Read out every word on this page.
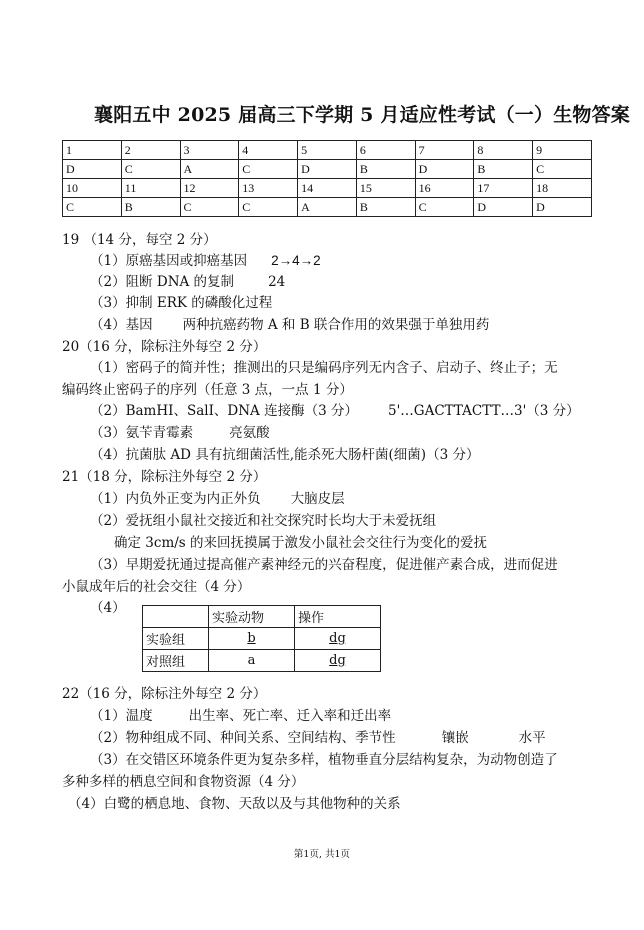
襄阳五中 2025 届高三下学期 5 月适应性考试（一）生物答案
1	2	3	4	5	6	7	8	9
D	C	A	C	D	B	D	B	C
10	11	12	13	14	15	16	17	18
C	B	C	C	A	B	C	D	D
19 （14 分，每空 2 分）
（1）原癌基因或抑癌基因 2→4→2
（2）阻断 DNA 的复制	24
（3）抑制 ERK 的磷酸化过程
（4）基因 两种抗癌药物 A 和 B 联合作用的效果强于单独用药
20（16 分，除标注外每空 2 分）
（1）密码子的简并性；推测出的只是编码序列无内含子、启动子、终止子；无
编码终止密码子的序列（任意 3 点，一点 1 分）
（2）BamHI、SalI、DNA 连接酶（3 分） 5'…GACTTACTT…3'（3 分）
（3）氨苄青霉素	亮氨酸
（4）抗菌肽 AD 具有抗细菌活性,能杀死大肠杆菌(细菌)（3 分）
21（18 分，除标注外每空 2 分）
（1）内负外正变为内正外负 大脑皮层
（2）爱抚组小鼠社交接近和社交探究时长均大于未爱抚组
确定 3cm/s 的来回抚摸属于激发小鼠社会交往行为变化的爱抚
（3）早期爱抚通过提高催产素神经元的兴奋程度，促进催产素合成，进而促进
小鼠成年后的社会交往（4 分）
（4）
	实验动物	操作
实验组	b	dg
对照组	a	dg
22（16 分，除标注外每空 2 分）
（1）温度	出生率、死亡率、迁入率和迁出率
（2）物种组成不同、种间关系、空间结构、季节性	镶嵌	水平
（3）在交错区环境条件更为复杂多样，植物垂直分层结构复杂，为动物创造了
多种多样的栖息空间和食物资源（4 分）
（4）白鹭的栖息地、食物、天敌以及与其他物种的关系
第1页, 共1页
